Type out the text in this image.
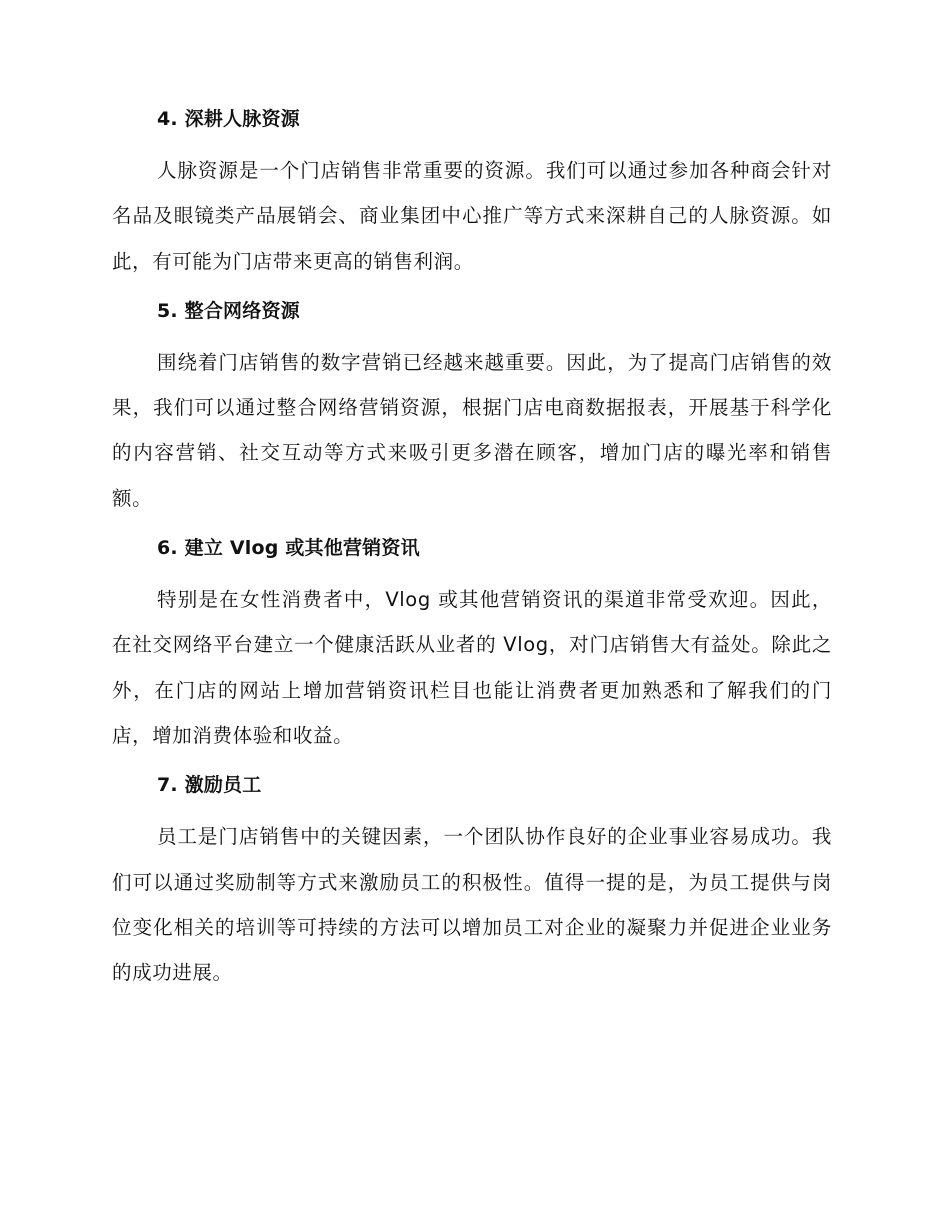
4. 深耕人脉资源

人脉资源是一个门店销售非常重要的资源。我们可以通过参加各种商会针对名品及眼镜类产品展销会、商业集团中心推广等方式来深耕自己的人脉资源。如此，有可能为门店带来更高的销售利润。

5. 整合网络资源

围绕着门店销售的数字营销已经越来越重要。因此，为了提高门店销售的效果，我们可以通过整合网络营销资源，根据门店电商数据报表，开展基于科学化的内容营销、社交互动等方式来吸引更多潜在顾客，增加门店的曝光率和销售额。

6. 建立 Vlog 或其他营销资讯

特别是在女性消费者中，Vlog 或其他营销资讯的渠道非常受欢迎。因此，在社交网络平台建立一个健康活跃从业者的 Vlog，对门店销售大有益处。除此之外，在门店的网站上增加营销资讯栏目也能让消费者更加熟悉和了解我们的门店，增加消费体验和收益。

7. 激励员工

员工是门店销售中的关键因素，一个团队协作良好的企业事业容易成功。我们可以通过奖励制等方式来激励员工的积极性。值得一提的是，为员工提供与岗位变化相关的培训等可持续的方法可以增加员工对企业的凝聚力并促进企业业务的成功进展。
